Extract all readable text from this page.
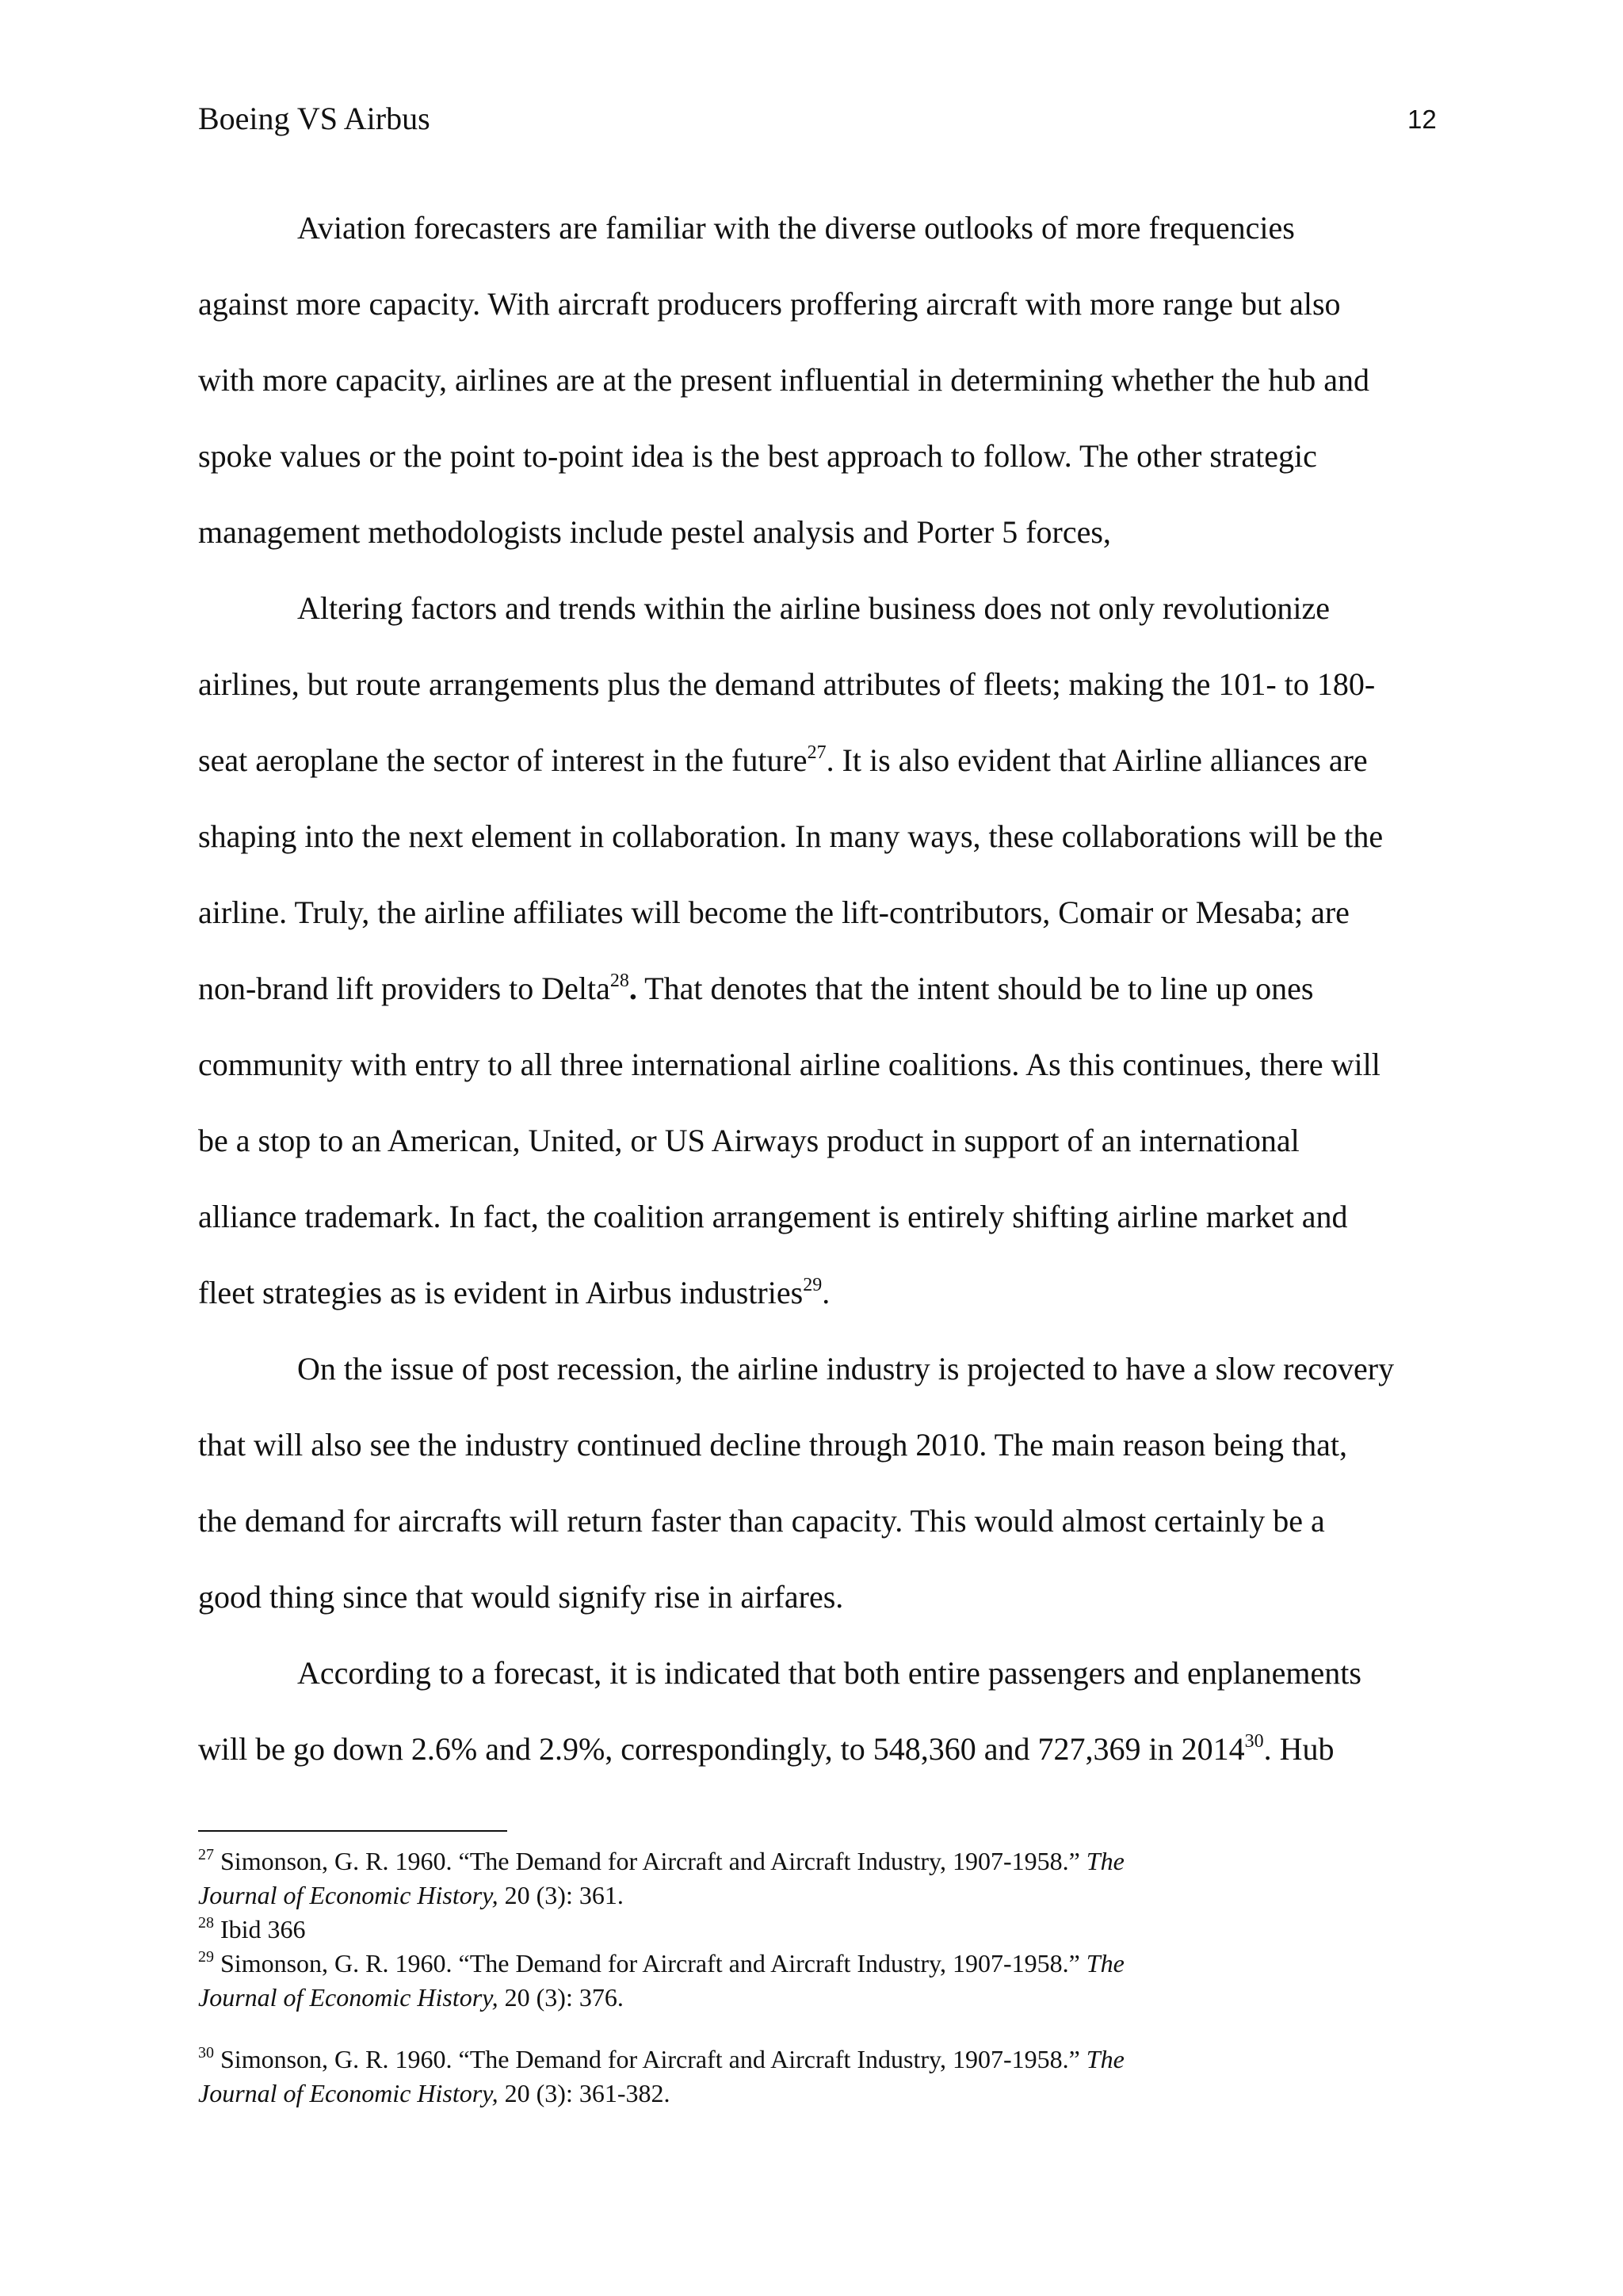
Boeing VS Airbus	12
Aviation forecasters are familiar with the diverse outlooks of more frequencies
against more capacity. With aircraft producers proffering aircraft with more range but also
with more capacity, airlines are at the present influential in determining whether the hub and
spoke values or the point to-point idea is the best approach to follow. The other strategic
management methodologists include pestel analysis and Porter 5 forces,
Altering factors and trends within the airline business does not only revolutionize
airlines, but route arrangements plus the demand attributes of fleets; making the 101- to 180-
seat aeroplane the sector of interest in the future$^{27}$. It is also evident that Airline alliances are
shaping into the next element in collaboration. In many ways, these collaborations will be the
airline. Truly, the airline affiliates will become the lift-contributors, Comair or Mesaba; are
non-brand lift providers to Delta$^{28}$. That denotes that the intent should be to line up ones
community with entry to all three international airline coalitions. As this continues, there will
be a stop to an American, United, or US Airways product in support of an international
alliance trademark. In fact, the coalition arrangement is entirely shifting airline market and
fleet strategies as is evident in Airbus industries$^{29}$.
On the issue of post recession, the airline industry is projected to have a slow recovery
that will also see the industry continued decline through 2010. The main reason being that,
the demand for aircrafts will return faster than capacity. This would almost certainly be a
good thing since that would signify rise in airfares.
According to a forecast, it is indicated that both entire passengers and enplanements
will be go down 2.6% and 2.9%, correspondingly, to 548,360 and 727,369 in 2014$^{30}$. Hub
$^{27}$ Simonson, G. R. 1960. “The Demand for Aircraft and Aircraft Industry, 1907-1958.” The
Journal of Economic History, 20 (3): 361.
$^{28}$ Ibid 366
$^{29}$ Simonson, G. R. 1960. “The Demand for Aircraft and Aircraft Industry, 1907-1958.” The
Journal of Economic History, 20 (3): 376.
$^{30}$ Simonson, G. R. 1960. “The Demand for Aircraft and Aircraft Industry, 1907-1958.” The
Journal of Economic History, 20 (3): 361-382.
